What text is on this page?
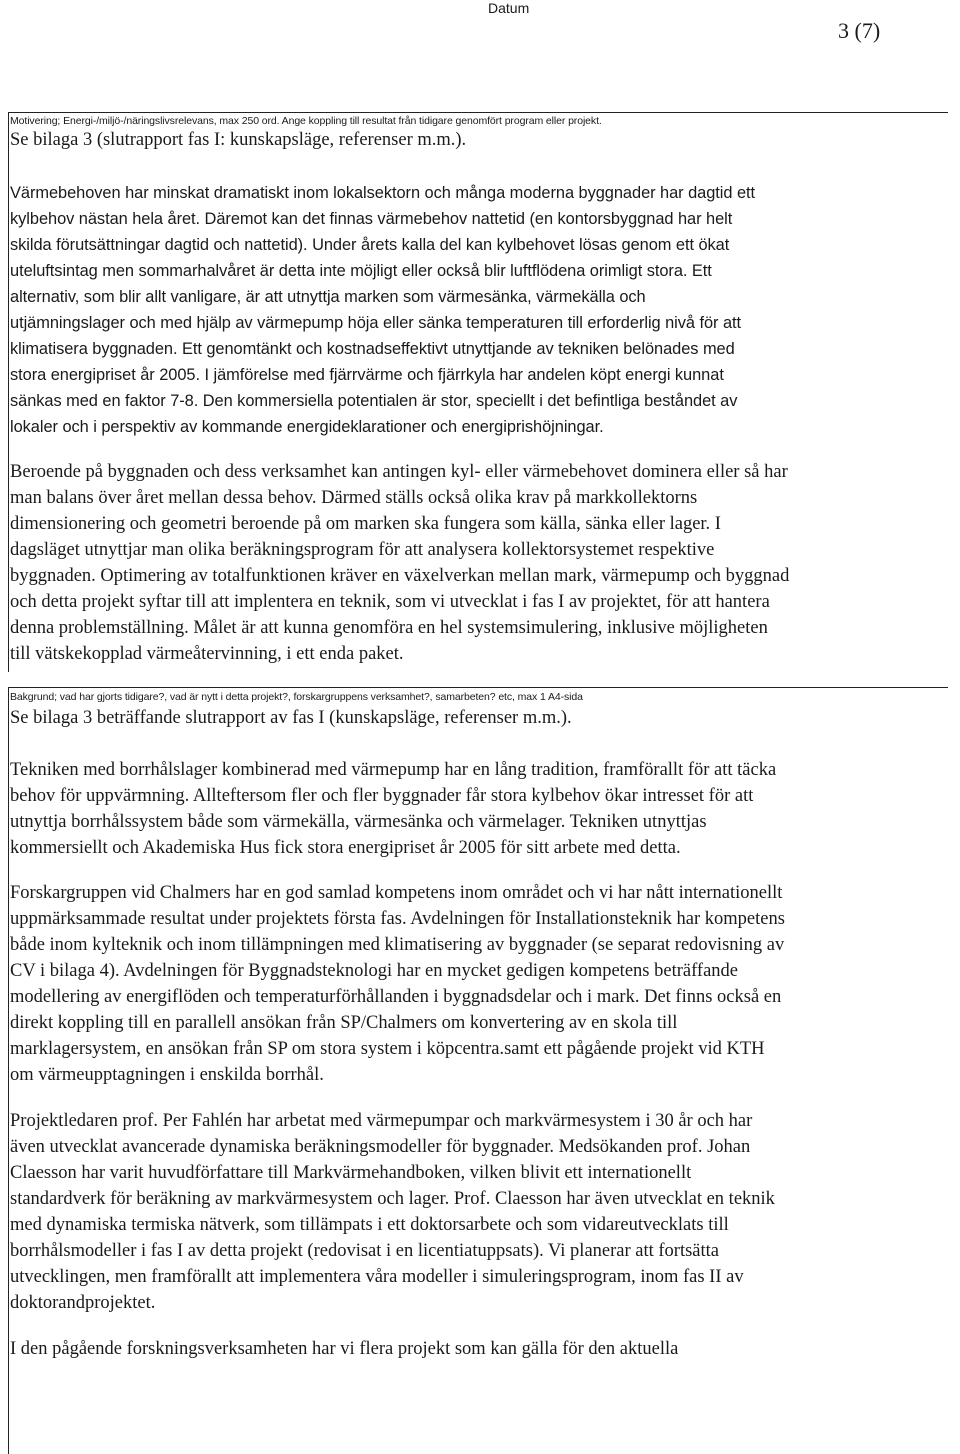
Datum
3 (7)
Motivering; Energi-/miljö-/näringslivsrelevans, max 250 ord. Ange koppling till resultat från tidigare genomfört program eller projekt.

Se bilaga 3 (slutrapport fas I: kunskapsläge, referenser m.m.).

Värmebehoven har minskat dramatiskt inom lokalsektorn och många moderna byggnader har dagtid ett
kylbehov nästan hela året. Däremot kan det finnas värmebehov nattetid (en kontorsbyggnad har helt
skilda förutsättningar dagtid och nattetid). Under årets kalla del kan kylbehovet lösas genom ett ökat
uteluftsintag men sommarhalvåret är detta inte möjligt eller också blir luftflödena orimligt stora. Ett
alternativ, som blir allt vanligare, är att utnyttja marken som värmesänka, värmekälla och
utjämningslager och med hjälp av värmepump höja eller sänka temperaturen till erforderlig nivå för att
klimatisera byggnaden. Ett genomtänkt och kostnadseffektivt utnyttjande av tekniken belönades med
stora energipriset år 2005. I jämförelse med fjärrvärme och fjärrkyla har andelen köpt energi kunnat
sänkas med en faktor 7-8. Den kommersiella potentialen är stor, speciellt i det befintliga beståndet av
lokaler och i perspektiv av kommande energideklarationer och energiprishöjningar.

Beroende på byggnaden och dess verksamhet kan antingen kyl- eller värmebehovet dominera eller så har
man balans över året mellan dessa behov. Därmed ställs också olika krav på markkollektorns
dimensionering och geometri beroende på om marken ska fungera som källa, sänka eller lager. I
dagsläget utnyttjar man olika beräkningsprogram för att analysera kollektorsystemet respektive
byggnaden. Optimering av totalfunktionen kräver en växelverkan mellan mark, värmepump och byggnad
och detta projekt syftar till att implentera en teknik, som vi utvecklat i fas I av projektet, för att hantera
denna problemställning. Målet är att kunna genomföra en hel systemsimulering, inklusive möjligheten
till vätskekopplad värmeåtervinning, i ett enda paket.

Bakgrund; vad har gjorts tidigare?, vad är nytt i detta projekt?, forskargruppens verksamhet?, samarbeten? etc, max 1 A4-sida

Se bilaga 3 beträffande slutrapport av fas I (kunskapsläge, referenser m.m.).

Tekniken med borrhålslager kombinerad med värmepump har en lång tradition, framförallt för att täcka
behov för uppvärmning. Allteftersom fler och fler byggnader får stora kylbehov ökar intresset för att
utnyttja borrhålssystem både som värmekälla, värmesänka och värmelager. Tekniken utnyttjas
kommersiellt och Akademiska Hus fick stora energipriset år 2005 för sitt arbete med detta.

Forskargruppen vid Chalmers har en god samlad kompetens inom området och vi har nått internationellt
uppmärksammade resultat under projektets första fas. Avdelningen för Installationsteknik har kompetens
både inom kylteknik och inom tillämpningen med klimatisering av byggnader (se separat redovisning av
CV i bilaga 4). Avdelningen för Byggnadsteknologi har en mycket gedigen kompetens beträffande
modellering av energiflöden och temperaturförhållanden i byggnadsdelar och i mark. Det finns också en
direkt koppling till en parallell ansökan från SP/Chalmers om konvertering av en skola till
marklagersystem, en ansökan från SP om stora system i köpcentra.samt ett pågående projekt vid KTH
om värmeupptagningen i enskilda borrhål.

Projektledaren prof. Per Fahlén har arbetat med värmepumpar och markvärmesystem i 30 år och har
även utvecklat avancerade dynamiska beräkningsmodeller för byggnader. Medsökanden prof. Johan
Claesson har varit huvudförfattare till Markvärmehandboken, vilken blivit ett internationellt
standardverk för beräkning av markvärmesystem och lager. Prof. Claesson har även utvecklat en teknik
med dynamiska termiska nätverk, som tillämpats i ett doktorsarbete och som vidareutvecklats till
borrhålsmodeller i fas I av detta projekt (redovisat i en licentiatuppsats). Vi planerar att fortsätta
utvecklingen, men framförallt att implementera våra modeller i simuleringsprogram, inom fas II av
doktorandprojektet.

I den pågående forskningsverksamheten har vi flera projekt som kan gälla för den aktuella
